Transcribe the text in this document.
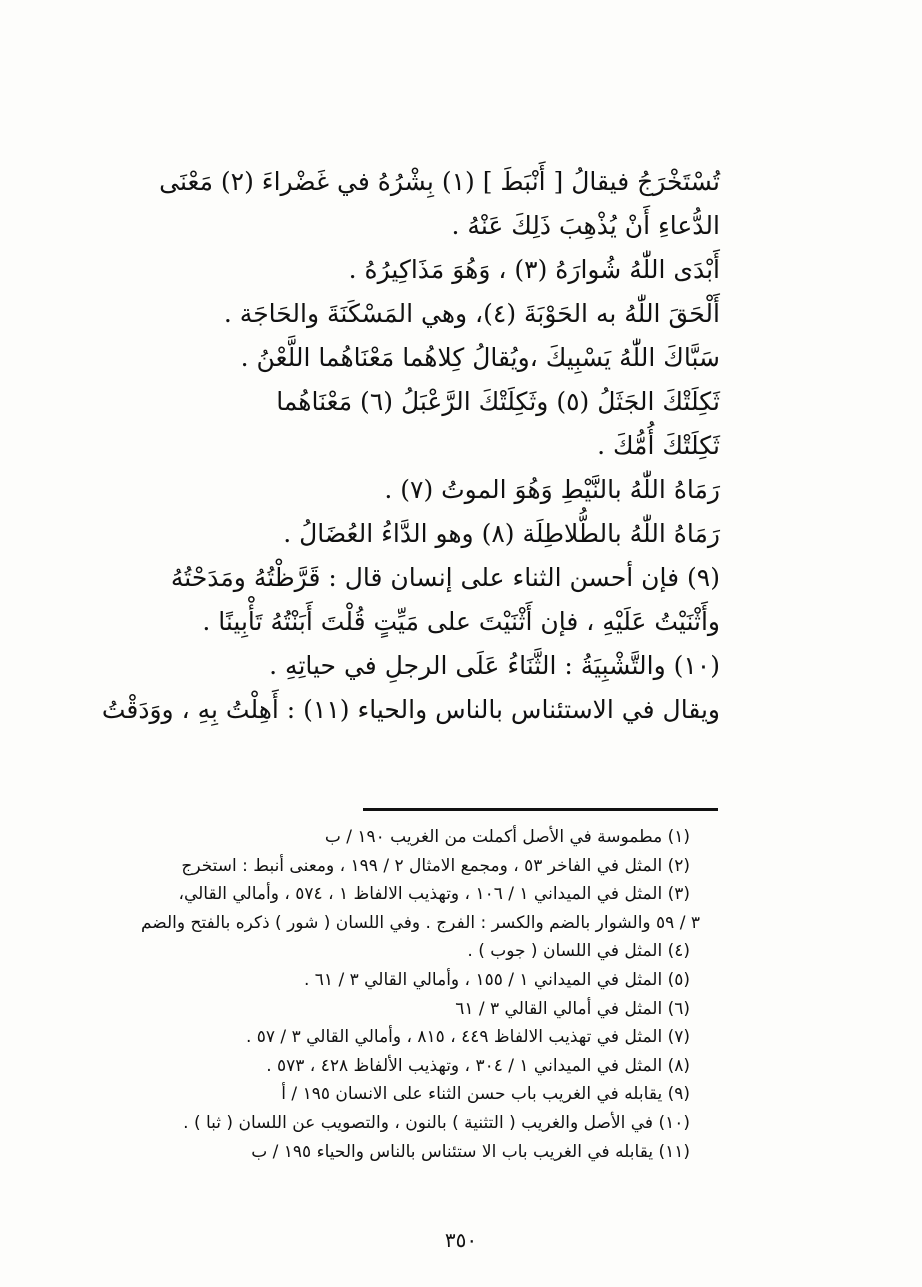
تُسْتَخْرَجُ فيقالُ [ أَنْبَطَ ] (١) بِشْرُهُ في غَضْراءَ (٢) مَعْنَى
الدُّعاءِ أَنْ يُذْهِبَ ذَلِكَ عَنْهُ .
أَبْدَى اللّٰهُ شُوارَهُ (٣) ، وَهُوَ مَذَاكِيرُهُ .
أَلْحَقَ اللّٰهُ به الحَوْبَةَ (٤)، وهي المَسْكَنَةَ والحَاجَة .
سَبَّاكَ اللّٰهُ يَسْبِيكَ ،ويُقالُ كِلاهُما مَعْنَاهُما اللَّعْنُ .
ثَكِلَتْكَ الجَثَلُ (٥) وثَكِلَتْكَ الرَّعْبَلُ (٦) مَعْنَاهُما
ثَكِلَتْكَ أُمُّكَ .
رَمَاهُ اللّٰهُ بالنَّيْطِ وَهُوَ الموتُ (٧) .
رَمَاهُ اللّٰهُ بالطُّلاطِلَة (٨) وهو الدَّاءُ العُضَالُ .
(٩) فإن أحسن الثناء على إنسان قال : قَرَّظْتُهُ ومَدَحْتُهُ
وأَثْنَيْتُ عَلَيْهِ ، فإن أَثْنَيْتَ على مَيِّتٍ قُلْتَ أَبَنْتُهُ تَأْبِينًا .
(١٠) والتَّشْبِيَةُ : الثَّنَاءُ عَلَى الرجلِ في حياتِهِ .
ويقال في الاستئناس بالناس والحياء (١١) : أَهِلْتُ بِهِ ، ووَدَقْتُ
(١) مطموسة في الأصل أكملت من الغريب ١٩٠ / ب
(٢) المثل في الفاخر ٥٣ ، ومجمع الامثال ٢ / ١٩٩ ، ومعنى أنبط : استخرج
(٣) المثل في الميداني ١ / ١٠٦ ، وتهذيب الالفاظ ١ ، ٥٧٤ ، وأمالي القالي،
٣ / ٥٩ والشوار بالضم والكسر : الفرج . وفي اللسان ( شور ) ذكره بالفتح والضم
(٤) المثل في اللسان ( جوب ) .
(٥) المثل في الميداني ١ / ١٥٥ ، وأمالي القالي ٣ / ٦١ .
(٦) المثل في أمالي القالي ٣ / ٦١
(٧) المثل في تهذيب الالفاظ ٤٤٩ ، ٨١٥ ، وأمالي القالي ٣ / ٥٧ .
(٨) المثل في الميداني ١ / ٣٠٤ ، وتهذيب الألفاظ ٤٢٨ ، ٥٧٣ .
(٩) يقابله في الغريب باب حسن الثناء على الانسان ١٩٥ / أ
(١٠) في الأصل والغريب ( التثنية ) بالنون ، والتصويب عن اللسان ( ثبا ) .
(١١) يقابله في الغريب باب الا ستئناس بالناس والحياء ١٩٥ / ب
٣٥٠
